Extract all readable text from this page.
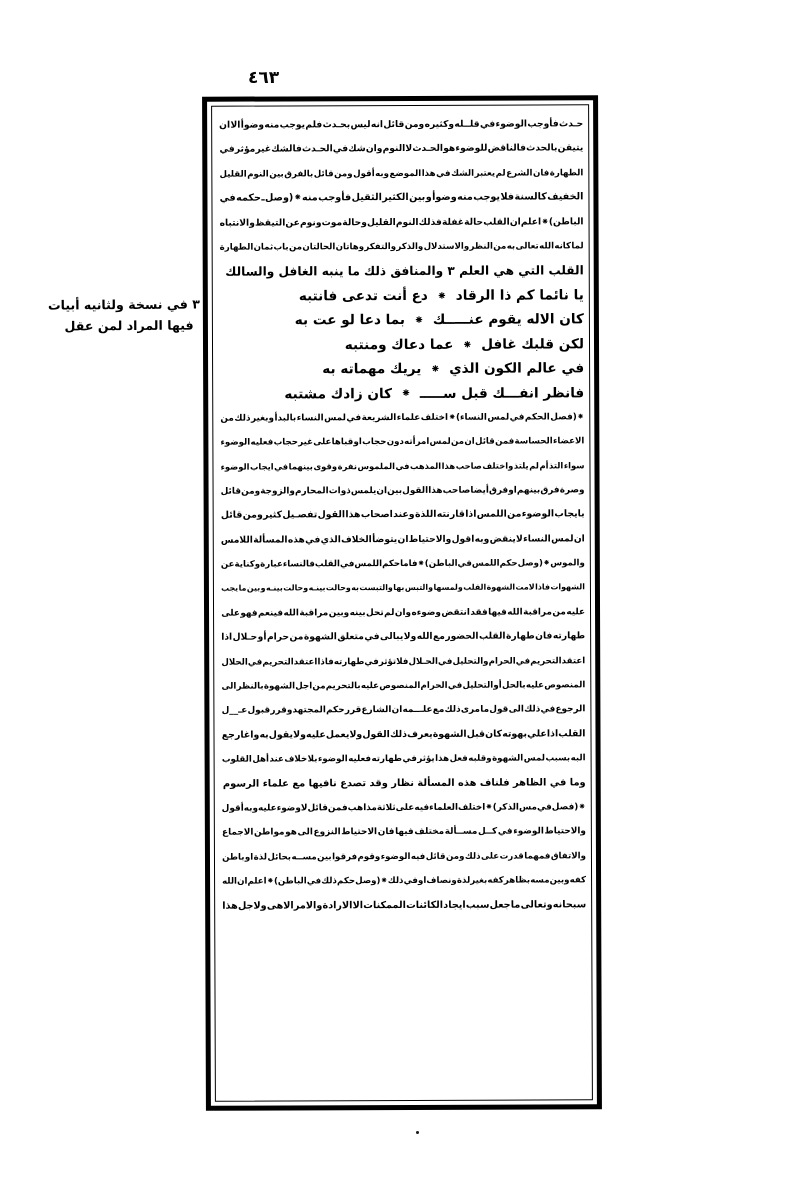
٤٦٣
حـدث
فأوجب
الوضوء
في
قلـ‍ـله
وكثيره
ومن
قائل
انه
ليس
بحـدث
فلم
يوجب
منه
وضوأ
الا
ان
يتيقن
بالحدث
فالناقض
للوضوء
هو
الحـدث
لا
النوم
وان
شك
في
الحـدث
فالشك
غير
مؤثر
في
الطهارة
فان
الشرع
لم
يعتبر
الشك
في
هذا
الموضع
وبه
أقول
ومن
قائل
بالفرق
بين
النوم
القليل
الخفيف
كالسنة
فلا
يوجب
منه
وضوأ
و
بين
الكثير
الثقيل
فأوجب
منه
⁕
(وصل
ـ
حكمه
في
الباطن)⁕
اعلم
ان
القلب
حالة
غفلة
فذلك
النوم
القليل
وحالة
موت
ونوم
عن
التيقظ
والانتباه
لما
كانه
الله
تعالى
به
من
النظر
والاستدلال
والذكر
والتفكر
وهاتان
الحالتان
من
باب
ثمان
الطهارة
القلب التي هي العلم ٣ والمنافق ذلك ما ينبه الغافل والسالك
يا نائما كم ذا الرقاد⁕دع أنت تدعى فانتبه
كان الاله يقوم عنـــــك⁕بما دعا لو عت به
لكن قلبك غافل⁕عما دعاك ومنتبه
في عالم الكون الذي⁕يريك مهماته به
فانظر انفـــك قبل ســـــ⁕كان زادك مشتبه
⁕(فصل
الحكم
في
لمس
النساء)⁕
اختلف
علماء
الشريعة
في
لمس
النساء
بالبدأ
وبغير
ذلك
من
الاعضاء
الحساسة
فمن
قائل
ان
من
لمس
امرأته
دون
حجاب
او
قباها
على
غير
حجاب
فعليه
الوضوء
سواء
التذ
أم
لم
يلتذ
واختلف
صاحب
هذا
المذهب
في
الملموس
نفرة
وقوى
بينهما
في
ايجاب
الوضوء
وصرة
فرق
بينهم
اوفرق
أيضا
صاحب
هذا
القول
بين
ان
يلمس
ذوات
المحارم
والزوجة
ومن
قائل
بايجاب
الوضوء
من
اللمس
اذا
قارنته
اللذة
وعند
اصحاب
هذا
القول
تفصـيل
كثير
ومن
قائل
ان
لمس
النساء
لا
ينقض
وبه
اقول
والاحتياط
ان
يتوضأ
الخلاف
الذي
في
هذه
المسألة
اللامس
والموس⁕
(وصل
حكم
اللمس
في
الباطن)⁕
فاما
حكم
اللمس
في
القلب
فالنساء
عبارة
وكناية
عن
الشهوات
فاذا
لامت
الشهوة
القلب
ولمسها
والتبس
بها
والتبست
به
وحالت
بينـه
وحالت
بينـه
و
بين
ما
يجب
عليه
من
مراقبة
الله
فيها
فقد
انتقض
وضوءه
وان
لم
تحل
بينه
وبين
مراقبة
الله
فينعم
فهو
على
طهارته
فان
طهارة
القلب
الحضور
مع
الله
ولا
يبالى
في
متعلق
الشهوة
من
حرام
أو
حـلال
اذا
اعتقد
التحريم
في
الحرام
والتحليل
في
الحـلال
فلا
تؤثر
في
طهارته
فاذا
اعتقد
التحريم
في
الحلال
المنصوص
عليه
بالحل
أو
التحليل
في
الحرام
المنصوص
عليه
بالتحريم
من
اجل
الشهوة
بالنظر
الى
الرجوع
في
ذلك
الى
قول
ما
مرى
ذلك
مع
علـــمه
ان
الشارع
قرر
حكم
المجتهد
وقرر
قبول
عـ__ل
القلب
اذا
علي
بهوته
كان
قبل
الشهوة
يعرف
ذلك
القول
ولا
يعمل
عليه
ولا
يقول
به
واغار
جع
البه
بسبب
لمس
الشهوة
وقلبه
فعل
هذا
يؤثر
في
طهارته
فعليه
الوضوء
بلا
خلاف
عند
أهل
القلوب
وما في الظاهر فلناف هذه المسألة نظار وقد تصدع نافيها مع علماء الرسوم
⁕(فصل
في
مس
الذكر)⁕
اختلف
العلماء
فيه
على
ثلاثة
مذاهب
فمن
قائل
لا
وضوء
عليه
وبه
أقول
والاحتياط
الوضوء
في
كــل
مســألة
مختلف
فيها
فان
الاحتياط
النزوع
الى
هو
مواطن
الاجماع
والاتفاق
فمهما
قدرت
على
ذلك
ومن
قائل
فيه
الوضوء
وقوم
فرقوا
بين
مســه
بحائل
لذة
او
باطن
كفه
وبين
مسه
بظاهر
كفه
بغير
لذة
ونصاف
او
في
ذلك⁕
(وصل
حكم
ذلك
في
الباطن)⁕
اعلم
ان
الله
سبحانه
وتعالى
ما
جعل
سبب
ايجاد
الكائنات
الممكنات
الا
الارادة
والامر
الاهى
ولاجل
هذا
٣ في نسخة ولثانيه أبيات
فيها المراد لمن عقل
